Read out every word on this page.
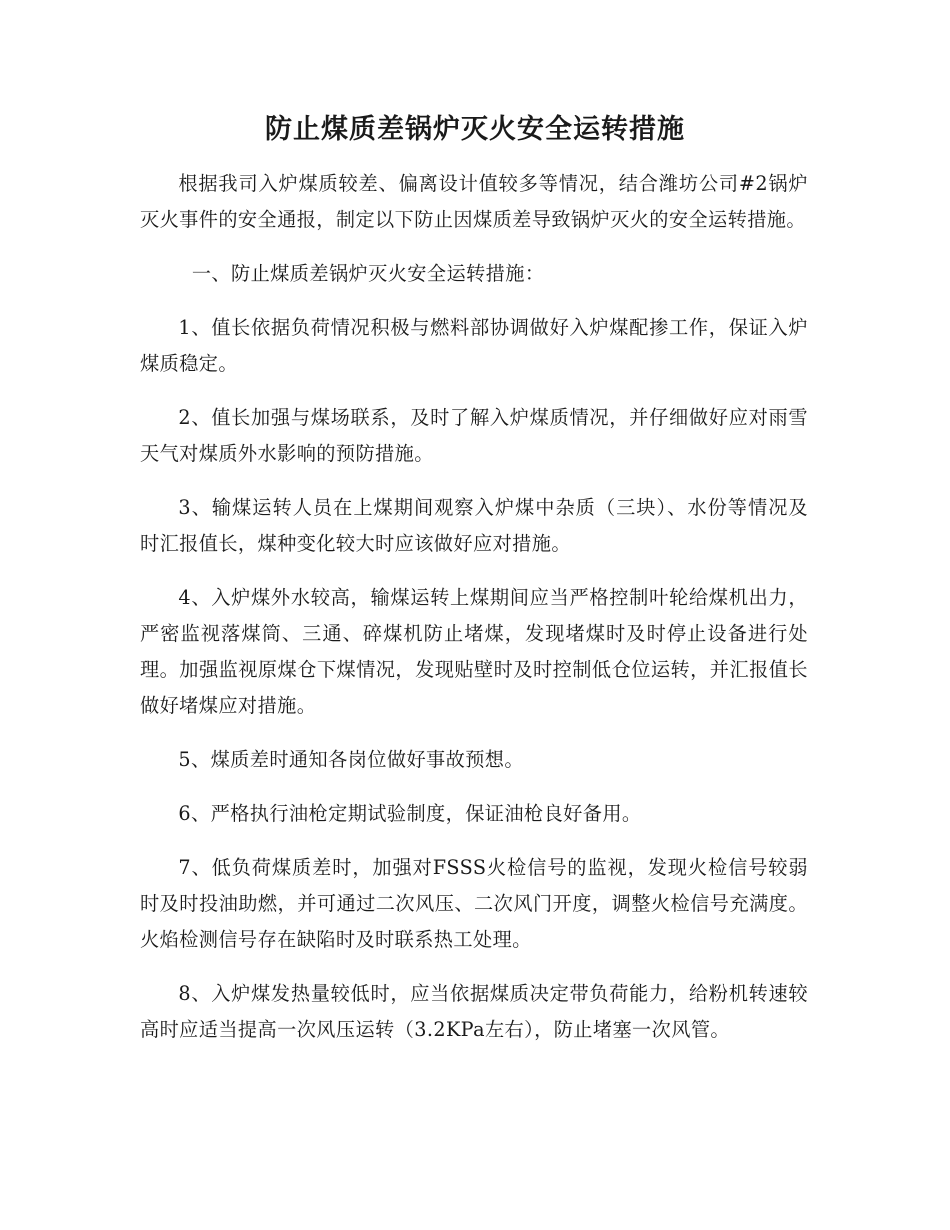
防止煤质差锅炉灭火安全运转措施

根据我司入炉煤质较差、偏离设计值较多等情况，结合潍坊公司#2锅炉灭火事件的安全通报，制定以下防止因煤质差导致锅炉灭火的安全运转措施。

一、防止煤质差锅炉灭火安全运转措施：

1、值长依据负荷情况积极与燃料部协调做好入炉煤配掺工作，保证入炉煤质稳定。

2、值长加强与煤场联系，及时了解入炉煤质情况，并仔细做好应对雨雪天气对煤质外水影响的预防措施。

3、输煤运转人员在上煤期间观察入炉煤中杂质（三块）、水份等情况及时汇报值长，煤种变化较大时应该做好应对措施。

4、入炉煤外水较高，输煤运转上煤期间应当严格控制叶轮给煤机出力，严密监视落煤筒、三通、碎煤机防止堵煤，发现堵煤时及时停止设备进行处理。加强监视原煤仓下煤情况，发现贴壁时及时控制低仓位运转，并汇报值长做好堵煤应对措施。

5、煤质差时通知各岗位做好事故预想。

6、严格执行油枪定期试验制度，保证油枪良好备用。

7、低负荷煤质差时，加强对FSSS火检信号的监视，发现火检信号较弱时及时投油助燃，并可通过二次风压、二次风门开度，调整火检信号充满度。火焰检测信号存在缺陷时及时联系热工处理。

8、入炉煤发热量较低时，应当依据煤质决定带负荷能力，给粉机转速较高时应适当提高一次风压运转（3.2KPa左右），防止堵塞一次风管。
